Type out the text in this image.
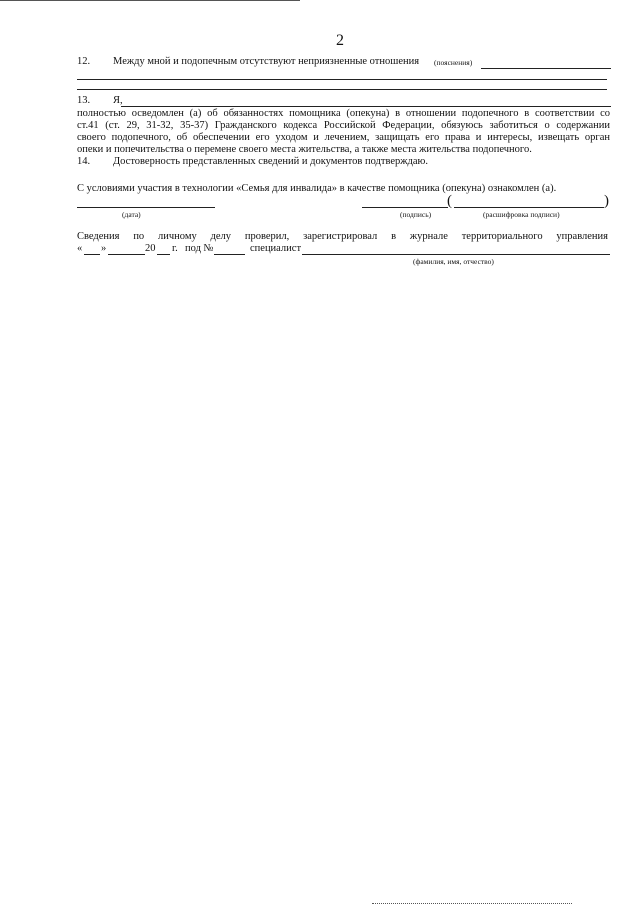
2
12. Между мной и подопечным отсутствуют неприязненные отношения (пояснения)
13. Я,
полностью осведомлен (а) об обязанностях помощника (опекуна) в отношении подопечного в соответствии со
ст.41 (ст. 29, 31-32, 35-37) Гражданского кодекса Российской Федерации, обязуюсь заботиться о содержании
своего подопечного, об обеспечении его уходом и лечением, защищать его права и интересы, извещать орган
опеки и попечительства о перемене своего места жительства, а также места жительства подопечного.
14. Достоверность представленных сведений и документов подтверждаю.
С условиями участия в технологии «Семья для инвалида» в качестве помощника (опекуна) ознакомлен (а).
(дата)
(	)
(подпись)	(расшифровка подписи)
Сведения по личному делу проверил, зарегистрировал в журнале территориального управления
« »	20 г. под №	специалист
(фамилия, имя, отчество)
